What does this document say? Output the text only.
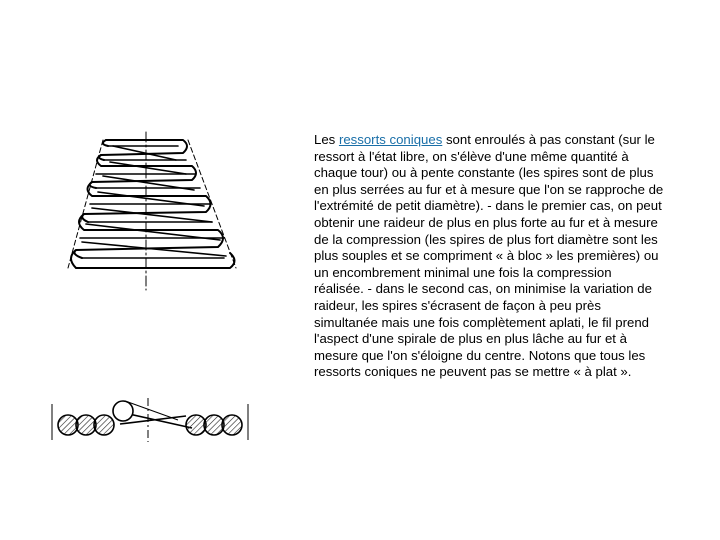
Les ressorts coniques sont enroulés à pas constant (sur le ressort à l'état libre, on s'élève d'une même quantité à chaque tour) ou à pente constante (les spires sont de plus en plus serrées au fur et à mesure que l'on se rapproche de l'extrémité de petit diamètre). - dans le premier cas, on peut obtenir une raideur de plus en plus forte au fur et à mesure de la compression (les spires de plus fort diamètre sont les plus souples et se compriment « à bloc » les premières) ou un encombrement minimal une fois la compression réalisée. - dans le second cas, on minimise la variation de raideur, les spires s'écrasent de façon à peu près simultanée mais une fois complètement aplati, le fil prend l'aspect d'une spirale de plus en plus lâche au fur et à mesure que l'on s'éloigne du centre. Notons que tous les ressorts coniques ne peuvent pas se mettre « à plat ».
